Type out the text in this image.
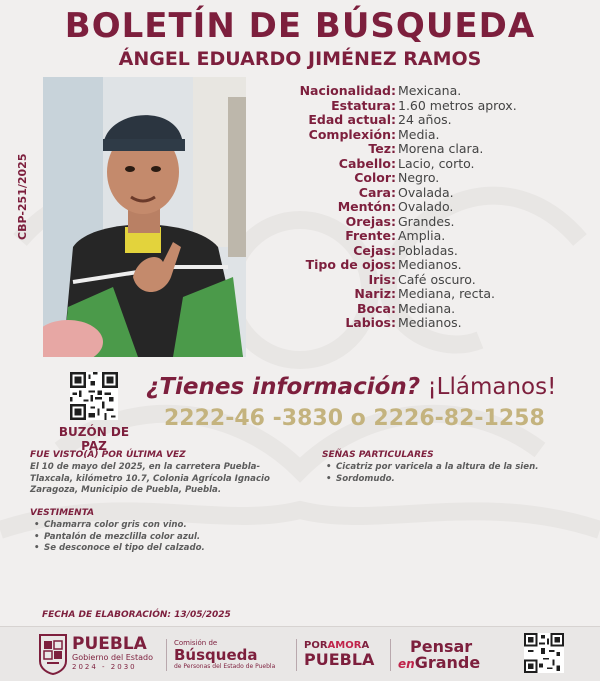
BOLETÍN DE BÚSQUEDA
ÁNGEL EDUARDO JIMÉNEZ RAMOS
CBP-251/2025
Nacionalidad: Mexicana.
Estatura: 1.60 metros aprox.
Edad actual: 24 años.
Complexión: Media.
Tez: Morena clara.
Cabello: Lacio, corto.
Color: Negro.
Cara: Ovalada.
Mentón: Ovalado.
Orejas: Grandes.
Frente: Amplia.
Cejas: Pobladas.
Tipo de ojos: Medianos.
Iris: Café oscuro.
Nariz: Mediana, recta.
Boca: Mediana.
Labios: Medianos.
BUZÓN DE PAZ
¿Tienes información? ¡Llámanos!
2222-46 -3830 o 2226-82-1258
FUE VISTO(A) POR ÚLTIMA VEZ
El 10 de mayo del 2025, en la carretera Puebla-Tlaxcala, kilómetro 10.7, Colonia Agrícola Ignacio Zaragoza, Municipio de Puebla, Puebla.
VESTIMENTA
• Chamarra color gris con vino.
• Pantalón de mezclilla color azul.
• Se desconoce el tipo del calzado.
SEÑAS PARTICULARES
• Cicatriz por varicela a la altura de la sien.
• Sordomudo.
FECHA DE ELABORACIÓN: 13/05/2025
PUEBLA
Gobierno del Estado
2024 - 2030
Comisión de
Búsqueda
de Personas del Estado de Puebla
PORAMORA
PUEBLA
Pensar
enGrande
